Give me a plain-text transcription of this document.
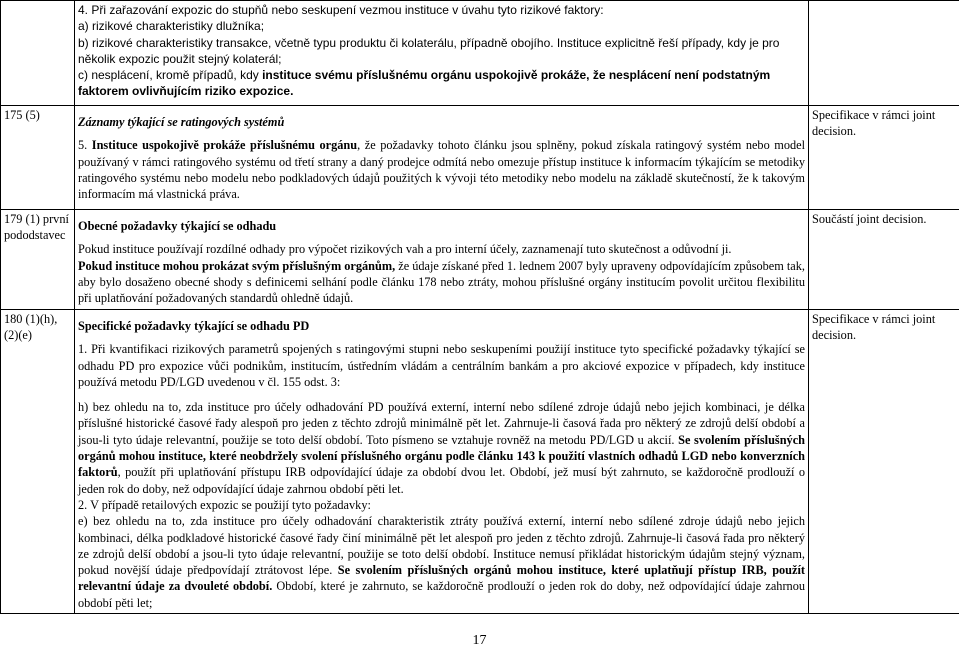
	4. Při zařazování expozic do stupňů nebo seskupení vezmou instituce v úvahu tyto rizikové faktory:

a) rizikové charakteristiky dlužníka;

b) rizikové charakteristiky transakce, včetně typu produktu či kolaterálu, případně obojího. Instituce explicitně řeší případy, kdy je pro několik expozic použit stejný kolaterál;

c) nesplácení, kromě případů, kdy instituce svému příslušnému orgánu uspokojivě prokáže, že nesplácení není podstatným faktorem ovlivňujícím riziko expozice.	

175 (5)	Záznamy týkající se ratingových systémů

5. Instituce uspokojivě prokáže příslušnému orgánu, že požadavky tohoto článku jsou splněny, pokud získala ratingový systém nebo model používaný v rámci ratingového systému od třetí strany a daný prodejce odmítá nebo omezuje přístup instituce k informacím týkajícím se metodiky ratingového systému nebo modelu nebo podkladových údajů použitých k vývoji této metodiky nebo modelu na základě skutečností, že k takovým informacím má vlastnická práva.	Specifikace v rámci joint decision.
179 (1) první pododstavec	Obecné požadavky týkající se odhadu

Pokud instituce používají rozdílné odhady pro výpočet rizikových vah a pro interní účely, zaznamenají tuto skutečnost a odůvodní ji.

Pokud instituce mohou prokázat svým příslušným orgánům, že údaje získané před 1. lednem 2007 byly upraveny odpovídajícím způsobem tak, aby bylo dosaženo obecné shody s definicemi selhání podle článku 178 nebo ztráty, mohou příslušné orgány institucím povolit určitou flexibilitu při uplatňování požadovaných standardů ohledně údajů.	Součástí joint decision.
180 (1)(h), (2)(e)	Specifické požadavky týkající se odhadu PD

1. Při kvantifikaci rizikových parametrů spojených s ratingovými stupni nebo seskupeními použijí instituce tyto specifické požadavky týkající se odhadu PD pro expozice vůči podnikům, institucím, ústředním vládám a centrálním bankám a pro akciové expozice v případech, kdy instituce používá metodu PD/LGD uvedenou v čl. 155 odst. 3:

h) bez ohledu na to, zda instituce pro účely odhadování PD používá externí, interní nebo sdílené zdroje údajů nebo jejich kombinaci, je délka příslušné historické časové řady alespoň pro jeden z těchto zdrojů minimálně pět let. Zahrnuje-li časová řada pro některý ze zdrojů delší období a jsou-li tyto údaje relevantní, použije se toto delší období. Toto písmeno se vztahuje rovněž na metodu PD/LGD u akcií. Se svolením příslušných orgánů mohou instituce, které neobdržely svolení příslušného orgánu podle článku 143 k použití vlastních odhadů LGD nebo konverzních faktorů, použít při uplatňování přístupu IRB odpovídající údaje za období dvou let. Období, jež musí být zahrnuto, se každoročně prodlouží o jeden rok do doby, než odpovídající údaje zahrnou období pěti let.

2. V případě retailových expozic se použijí tyto požadavky:

e) bez ohledu na to, zda instituce pro účely odhadování charakteristik ztráty používá externí, interní nebo sdílené zdroje údajů nebo jejich kombinaci, délka podkladové historické časové řady činí minimálně pět let alespoň pro jeden z těchto zdrojů. Zahrnuje-li časová řada pro některý ze zdrojů delší období a jsou-li tyto údaje relevantní, použije se toto delší období. Instituce nemusí přikládat historickým údajům stejný význam, pokud novější údaje předpovídají ztrátovost lépe. Se svolením příslušných orgánů mohou instituce, které uplatňují přístup IRB, použít relevantní údaje za dvouleté období. Období, které je zahrnuto, se každoročně prodlouží o jeden rok do doby, než odpovídající údaje zahrnou období pěti let;	Specifikace v rámci joint decision.
17
